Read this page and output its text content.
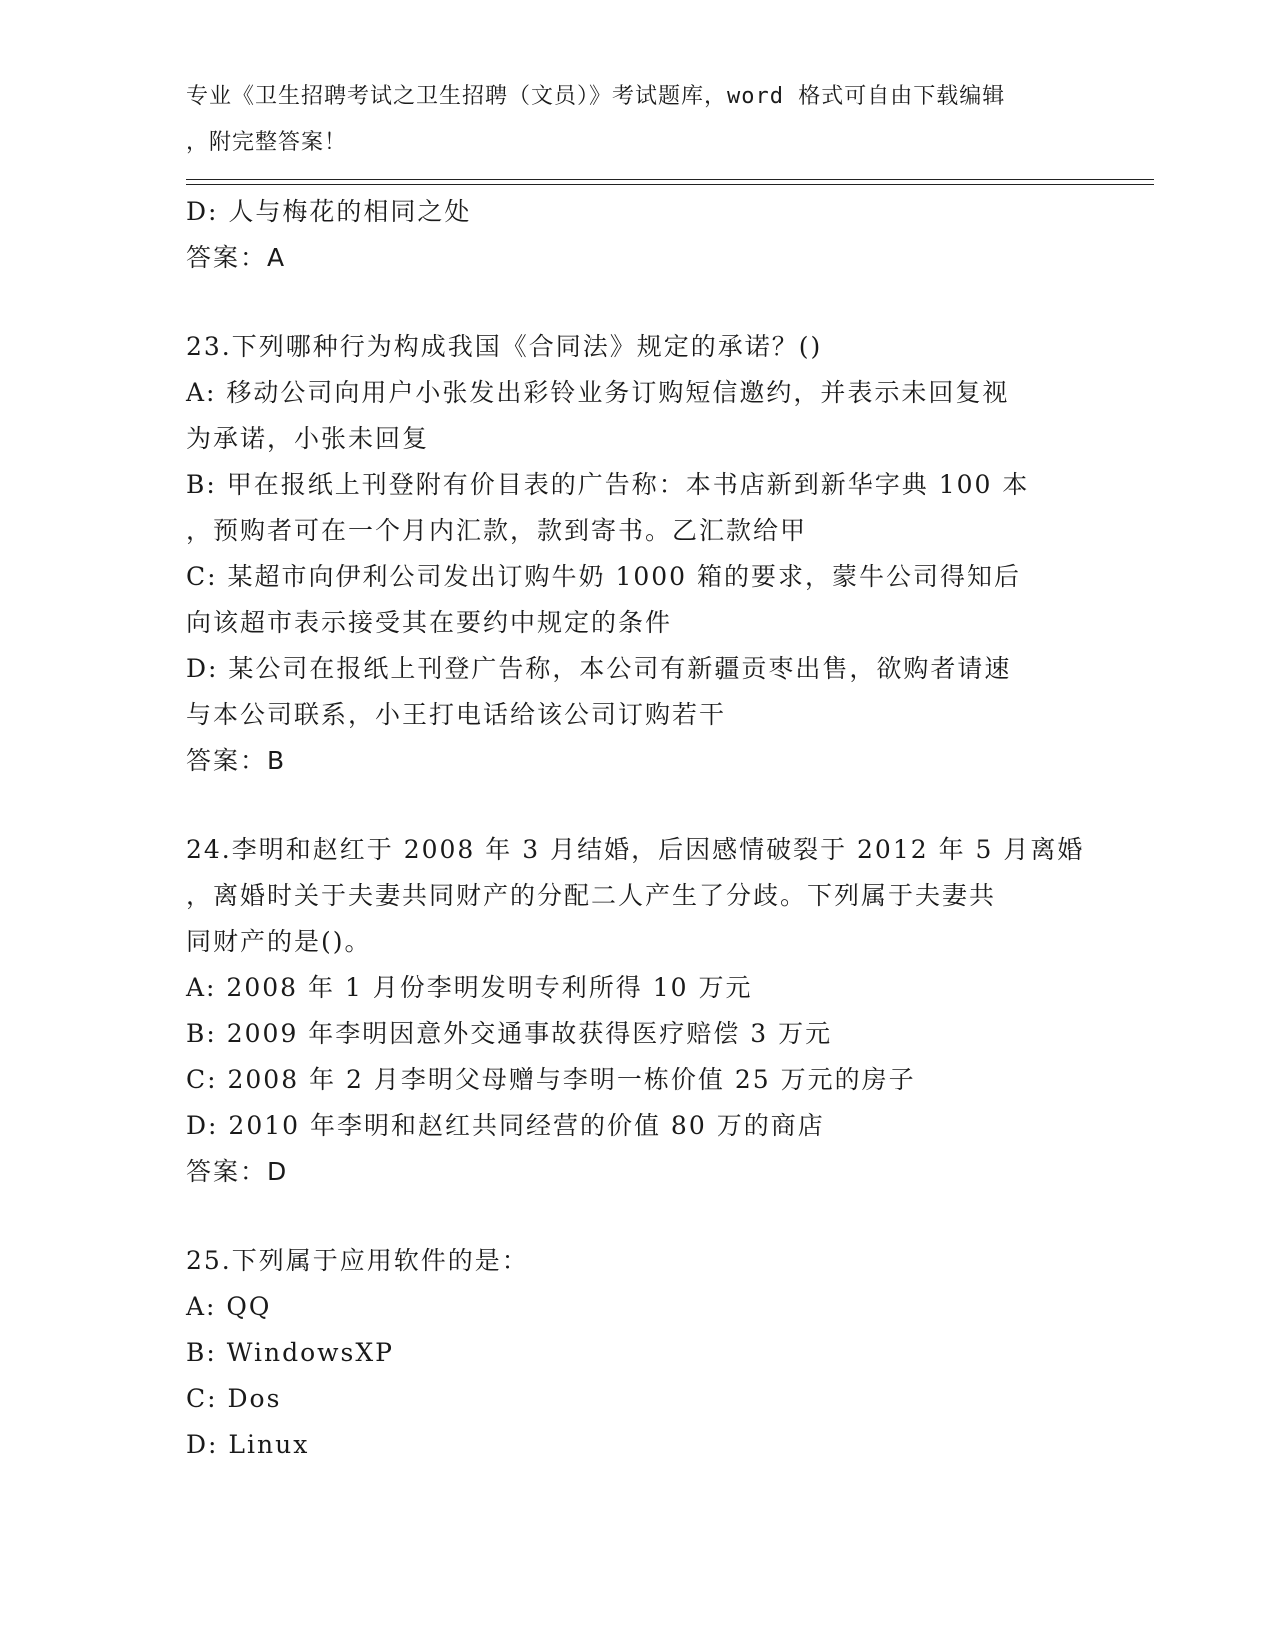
专业《卫生招聘考试之卫生招聘（文员）》考试题库，word 格式可自由下载编辑
，附完整答案！
D: 人与梅花的相同之处
答案：A
23.下列哪种行为构成我国《合同法》规定的承诺？()
A: 移动公司向用户小张发出彩铃业务订购短信邀约，并表示未回复视
为承诺，小张未回复
B: 甲在报纸上刊登附有价目表的广告称：本书店新到新华字典 100 本
，预购者可在一个月内汇款，款到寄书。乙汇款给甲
C: 某超市向伊利公司发出订购牛奶 1000 箱的要求，蒙牛公司得知后
向该超市表示接受其在要约中规定的条件
D: 某公司在报纸上刊登广告称，本公司有新疆贡枣出售，欲购者请速
与本公司联系，小王打电话给该公司订购若干
答案：B
24.李明和赵红于 2008 年 3 月结婚，后因感情破裂于 2012 年 5 月离婚
，离婚时关于夫妻共同财产的分配二人产生了分歧。下列属于夫妻共
同财产的是()。
A: 2008 年 1 月份李明发明专利所得 10 万元
B: 2009 年李明因意外交通事故获得医疗赔偿 3 万元
C: 2008 年 2 月李明父母赠与李明一栋价值 25 万元的房子
D: 2010 年李明和赵红共同经营的价值 80 万的商店
答案：D
25.下列属于应用软件的是：
A: QQ
B: WindowsXP
C: Dos
D: Linux
